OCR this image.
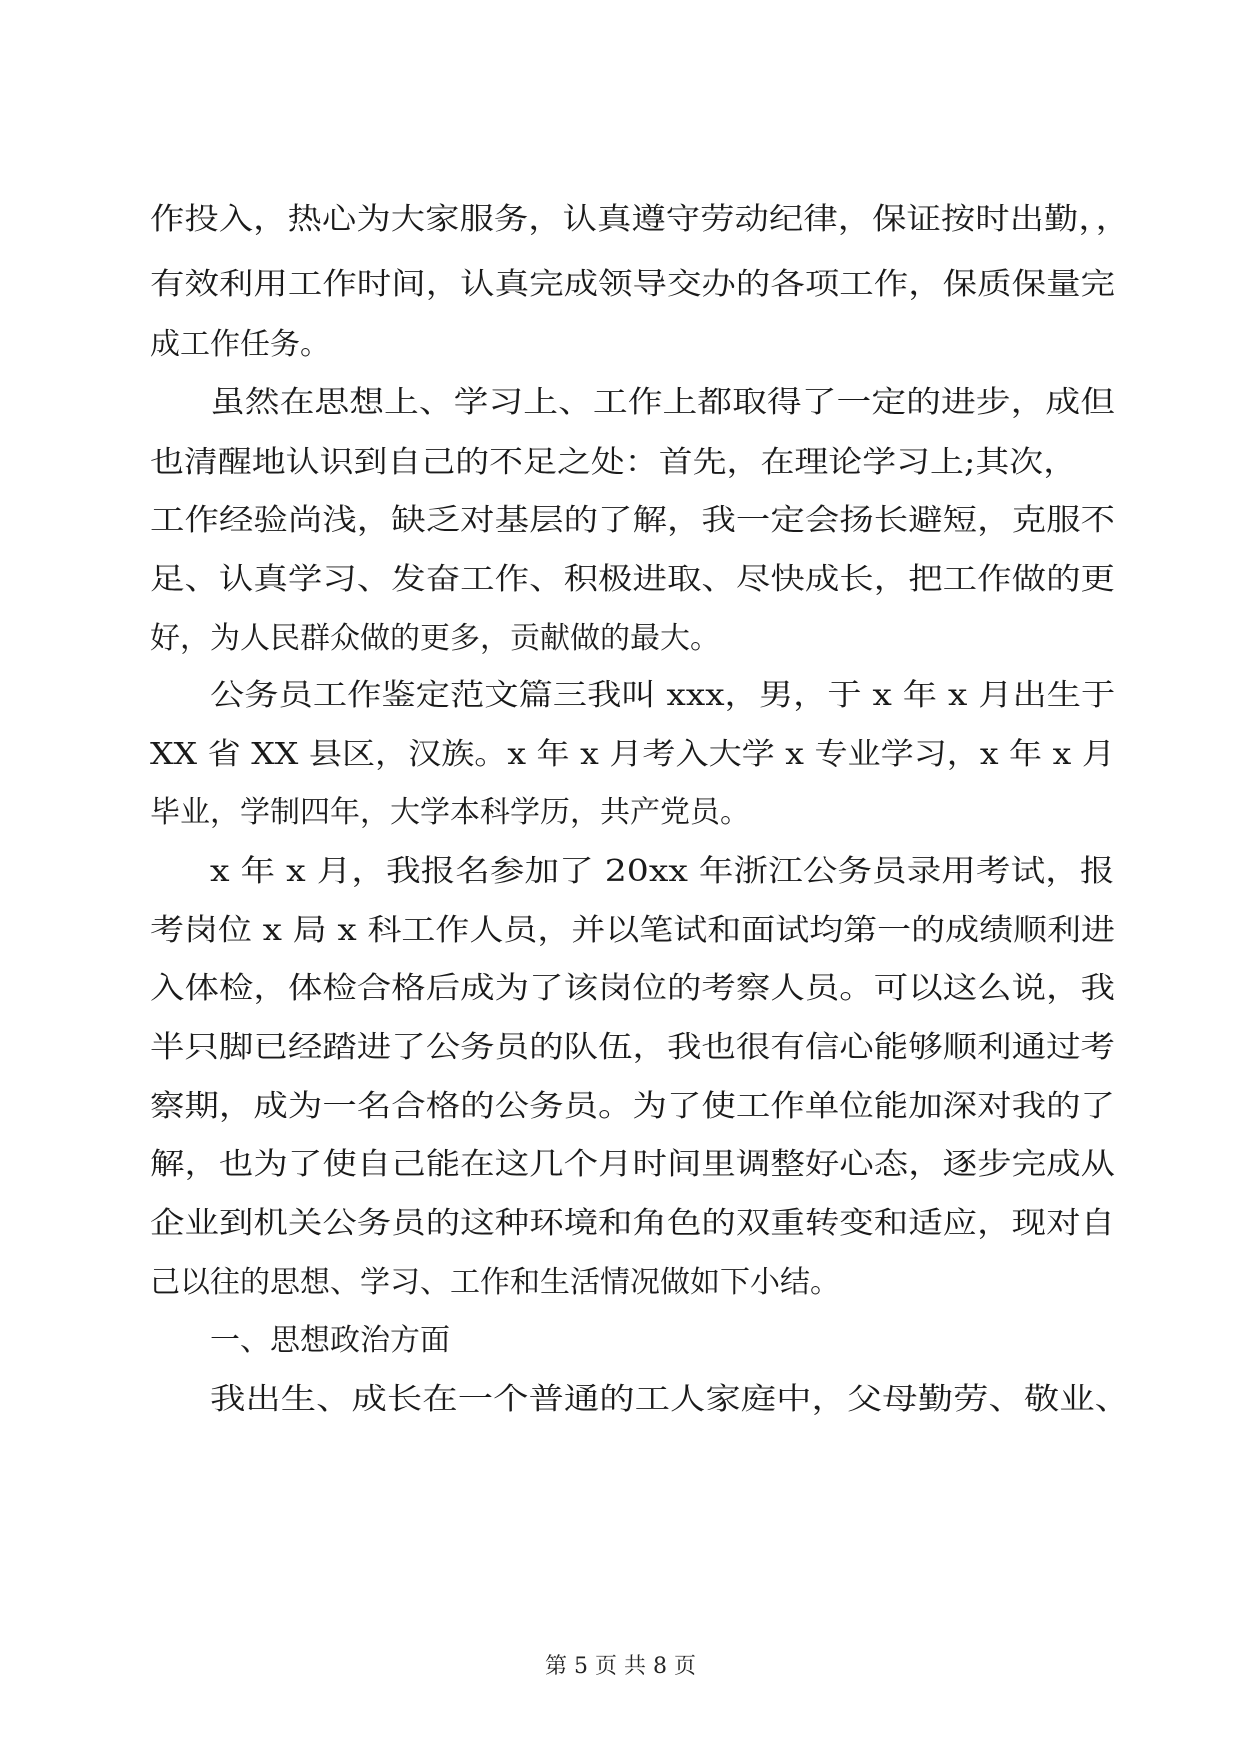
作投入，热心为大家服务，认真遵守劳动纪律，保证按时出勤，，
有效利用工作时间，认真完成领导交办的各项工作，保质保量完
成工作任务。
虽然在思想上、学习上、工作上都取得了一定的进步，成但
也清醒地认识到自己的不足之处：首先，在理论学习上;其次，
工作经验尚浅，缺乏对基层的了解，我一定会扬长避短，克服不
足、认真学习、发奋工作、积极进取、尽快成长，把工作做的更
好，为人民群众做的更多，贡献做的最大。
公务员工作鉴定范文篇三我叫 xxx，男，于 x 年 x 月出生于
XX 省 XX 县区，汉族。x 年 x 月考入大学 x 专业学习，x 年 x 月
毕业，学制四年，大学本科学历，共产党员。
x 年 x 月，我报名参加了 20xx 年浙江公务员录用考试，报
考岗位 x 局 x 科工作人员，并以笔试和面试均第一的成绩顺利进
入体检，体检合格后成为了该岗位的考察人员。可以这么说，我
半只脚已经踏进了公务员的队伍，我也很有信心能够顺利通过考
察期，成为一名合格的公务员。为了使工作单位能加深对我的了
解，也为了使自己能在这几个月时间里调整好心态，逐步完成从
企业到机关公务员的这种环境和角色的双重转变和适应，现对自
己以往的思想、学习、工作和生活情况做如下小结。
一、思想政治方面
我出生、成长在一个普通的工人家庭中，父母勤劳、敬业、
第 5 页 共 8 页
